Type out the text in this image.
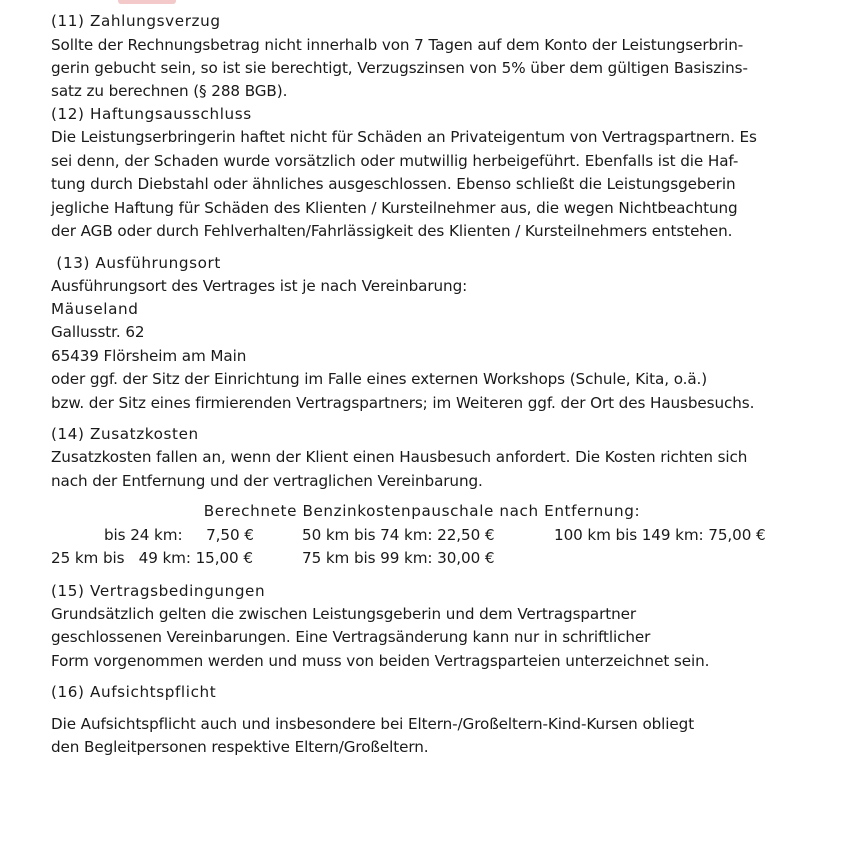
(11) Zahlungsverzug
Sollte der Rechnungsbetrag nicht innerhalb von 7 Tagen auf dem Konto der Leistungserbrin-
gerin gebucht sein, so ist sie berechtigt, Verzugszinsen von 5% über dem gültigen Basiszins-
satz zu berechnen (§ 288 BGB).
(12) Haftungsausschluss
Die Leistungserbringerin haftet nicht für Schäden an Privateigentum von Vertragspartnern. Es
sei denn, der Schaden wurde vorsätzlich oder mutwillig herbeigeführt. Ebenfalls ist die Haf-
tung durch Diebstahl oder ähnliches ausgeschlossen. Ebenso schließt die Leistungsgeberin
jegliche Haftung für Schäden des Klienten / Kursteilnehmer aus, die wegen Nichtbeachtung
der AGB oder durch Fehlverhalten/Fahrlässigkeit des Klienten / Kursteilnehmers entstehen.
(13) Ausführungsort
Ausführungsort des Vertrages ist je nach Vereinbarung:
Mäuseland
Gallusstr. 62
65439 Flörsheim am Main
oder ggf. der Sitz der Einrichtung im Falle eines externen Workshops (Schule, Kita, o.ä.)
bzw. der Sitz eines firmierenden Vertragspartners; im Weiteren ggf. der Ort des Hausbesuchs.
(14) Zusatzkosten
Zusatzkosten fallen an, wenn der Klient einen Hausbesuch anfordert. Die Kosten richten sich
nach der Entfernung und der vertraglichen Vereinbarung.
Berechnete Benzinkostenpauschale nach Entfernung:
bis 24 km:     7,50 €	50 km bis 74 km: 22,50 €	100 km bis 149 km: 75,00 €
25 km bis   49 km: 15,00 €	75 km bis 99 km: 30,00 €
(15) Vertragsbedingungen
Grundsätzlich gelten die zwischen Leistungsgeberin und dem Vertragspartner
geschlossenen Vereinbarungen. Eine Vertragsänderung kann nur in schriftlicher
Form vorgenommen werden und muss von beiden Vertragsparteien unterzeichnet sein.
(16) Aufsichtspflicht
Die Aufsichtspflicht auch und insbesondere bei Eltern-/Großeltern-Kind-Kursen obliegt
den Begleitpersonen respektive Eltern/Großeltern.
